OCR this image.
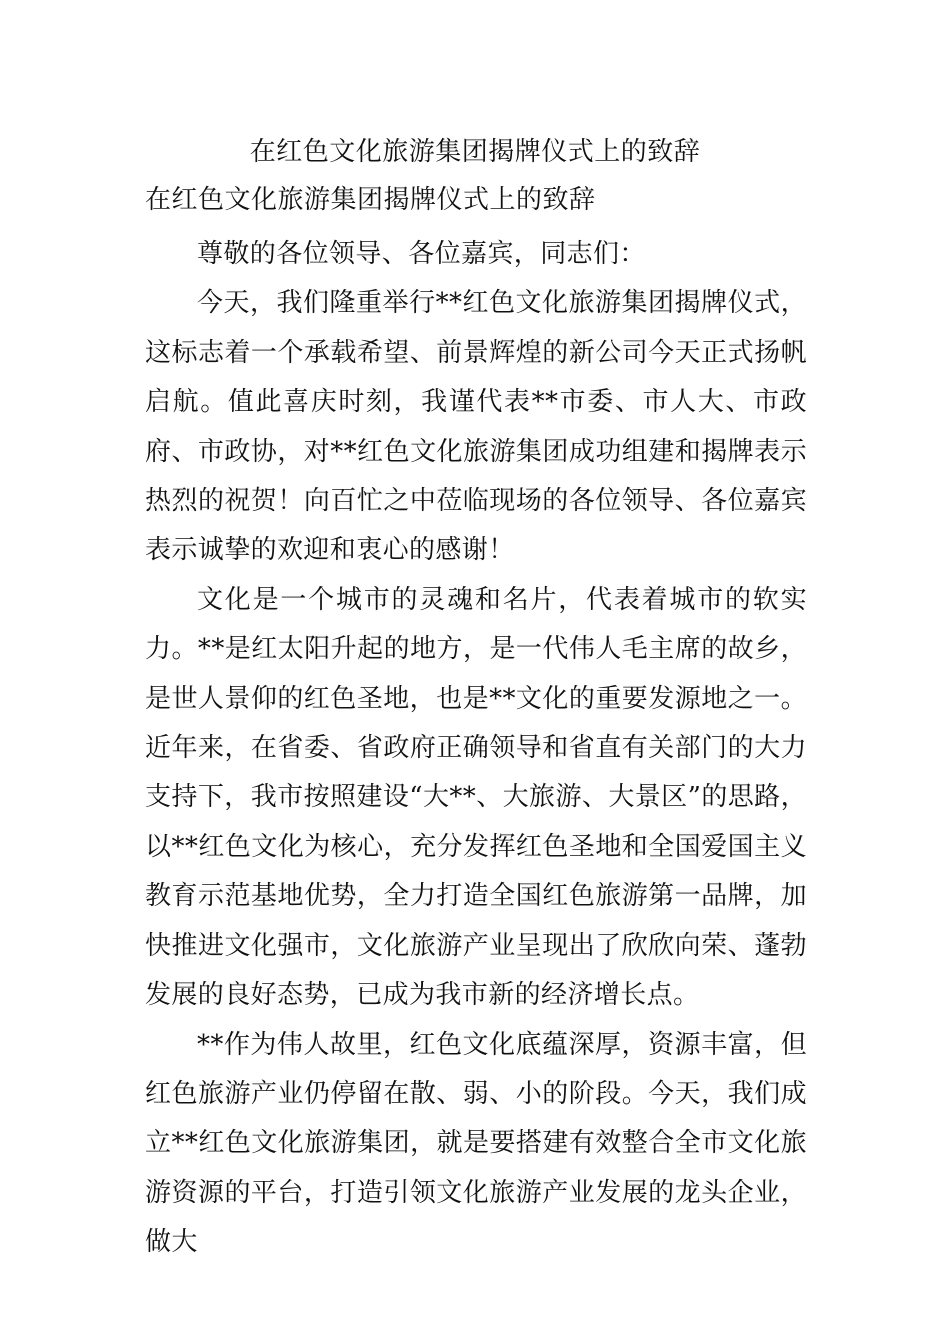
在红色文化旅游集团揭牌仪式上的致辞
在红色文化旅游集团揭牌仪式上的致辞

尊敬的各位领导、各位嘉宾，同志们：

今天，我们隆重举行**红色文化旅游集团揭牌仪式，这标志着一个承载希望、前景辉煌的新公司今天正式扬帆启航。值此喜庆时刻，我谨代表**市委、市人大、市政府、市政协，对**红色文化旅游集团成功组建和揭牌表示热烈的祝贺！向百忙之中莅临现场的各位领导、各位嘉宾表示诚挚的欢迎和衷心的感谢！

文化是一个城市的灵魂和名片，代表着城市的软实力。**是红太阳升起的地方，是一代伟人毛主席的故乡，是世人景仰的红色圣地，也是**文化的重要发源地之一。近年来，在省委、省政府正确领导和省直有关部门的大力支持下，我市按照建设“大**、大旅游、大景区”的思路，以**红色文化为核心，充分发挥红色圣地和全国爱国主义教育示范基地优势，全力打造全国红色旅游第一品牌，加快推进文化强市，文化旅游产业呈现出了欣欣向荣、蓬勃发展的良好态势，已成为我市新的经济增长点。

**作为伟人故里，红色文化底蕴深厚，资源丰富，但红色旅游产业仍停留在散、弱、小的阶段。今天，我们成立**红色文化旅游集团，就是要搭建有效整合全市文化旅游资源的平台，打造引领文化旅游产业发展的龙头企业，做大
